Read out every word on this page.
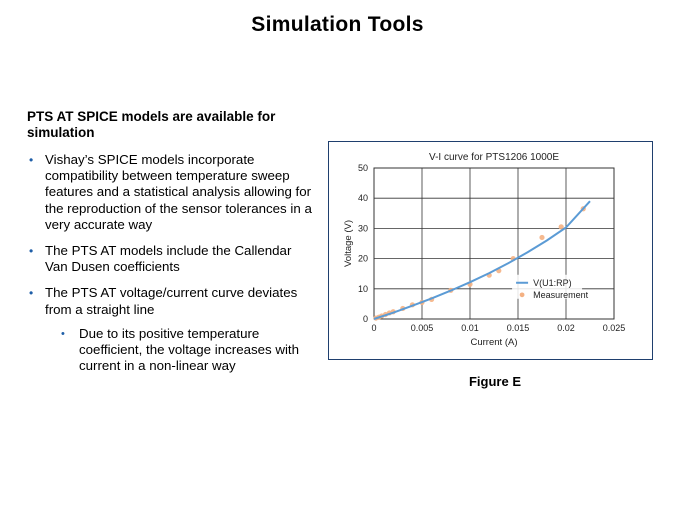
Simulation Tools
PTS AT SPICE models are available for simulation
• Vishay’s SPICE models incorporate compatibility between temperature sweep features and a statistical analysis allowing for the reproduction of the sensor tolerances in a very accurate way
• The PTS AT models include the Callendar Van Dusen coefficients
• The PTS AT voltage/current curve deviates from a straight line
• Due to its positive temperature coefficient, the voltage increases with current in a non-linear way
V-I curve for PTS1206 1000E
0	0.005	0.01	0.015	0.02	0.025
0
10
20
30
40
50
Current (A)
Voltage (V)
V(U1:RP)
Measurement
Figure E
